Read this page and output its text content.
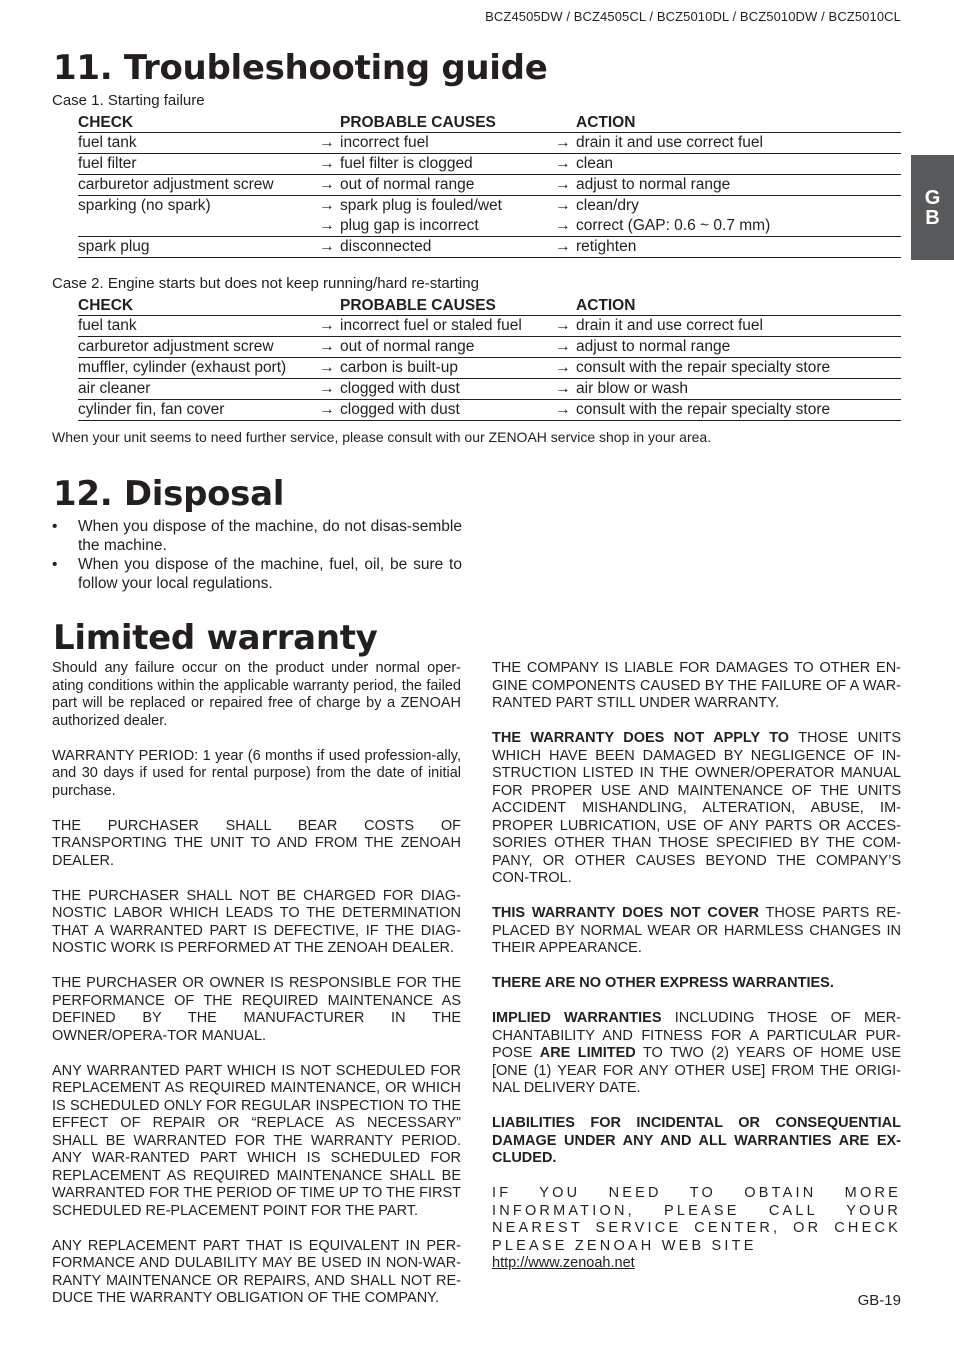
BCZ4505DW / BCZ4505CL / BCZ5010DL / BCZ5010DW / BCZ5010CL
G
B
11. Troubleshooting guide
Case 1. Starting failure
CHECK		PROBABLE CAUSES		ACTION
fuel tank	→	incorrect fuel	→	drain it and use correct fuel
fuel filter	→	fuel filter is clogged	→	clean
carburetor adjustment screw	→	out of normal range	→	adjust to normal range
sparking (no spark)	→	spark plug is fouled/wet	→	clean/dry
	→	plug gap is incorrect	→	correct (GAP: 0.6 ~ 0.7 mm)
spark plug	→	disconnected	→	retighten
Case 2. Engine starts but does not keep running/hard re-starting
CHECK		PROBABLE CAUSES		ACTION
fuel tank	→	incorrect fuel or staled fuel	→	drain it and use correct fuel
carburetor adjustment screw	→	out of normal range	→	adjust to normal range
muffler, cylinder (exhaust port)	→	carbon is built-up	→	consult with the repair specialty store
air cleaner	→	clogged with dust	→	air blow or wash
cylinder fin, fan cover	→	clogged with dust	→	consult with the repair specialty store
When your unit seems to need further service, please consult with our ZENOAH service shop in your area.
12. Disposal
• When you dispose of the machine, do not disas-semble the machine.
• When you dispose of the machine, fuel, oil, be sure to follow your local regulations.
Limited warranty

Should any failure occur on the product under normal oper-ating conditions within the applicable warranty period, the failed part will be replaced or repaired free of charge by a ZENOAH authorized dealer.

WARRANTY PERIOD: 1 year (6 months if used profession-ally, and 30 days if used for rental purpose) from the date of initial purchase.

THE PURCHASER SHALL BEAR COSTS OF TRANSPORTING THE UNIT TO AND FROM THE ZENOAH DEALER.

THE PURCHASER SHALL NOT BE CHARGED FOR DIAG-NOSTIC LABOR WHICH LEADS TO THE DETERMINATION THAT A WARRANTED PART IS DEFECTIVE, IF THE DIAG-NOSTIC WORK IS PERFORMED AT THE ZENOAH DEALER.

THE PURCHASER OR OWNER IS RESPONSIBLE FOR THE PERFORMANCE OF THE REQUIRED MAINTENANCE AS DEFINED BY THE MANUFACTURER IN THE OWNER/OPERA-TOR MANUAL.

ANY WARRANTED PART WHICH IS NOT SCHEDULED FOR REPLACEMENT AS REQUIRED MAINTENANCE, OR WHICH IS SCHEDULED ONLY FOR REGULAR INSPECTION TO THE EFFECT OF REPAIR OR “REPLACE AS NECESSARY” SHALL BE WARRANTED FOR THE WARRANTY PERIOD. ANY WAR-RANTED PART WHICH IS SCHEDULED FOR REPLACEMENT AS REQUIRED MAINTENANCE SHALL BE WARRANTED FOR THE PERIOD OF TIME UP TO THE FIRST SCHEDULED RE-PLACEMENT POINT FOR THE PART.

ANY REPLACEMENT PART THAT IS EQUIVALENT IN PER-FORMANCE AND DULABILITY MAY BE USED IN NON-WAR-RANTY MAINTENANCE OR REPAIRS, AND SHALL NOT RE-DUCE THE WARRANTY OBLIGATION OF THE COMPANY.

THE COMPANY IS LIABLE FOR DAMAGES TO OTHER EN-GINE COMPONENTS CAUSED BY THE FAILURE OF A WAR-RANTED PART STILL UNDER WARRANTY.

THE WARRANTY DOES NOT APPLY TO THOSE UNITS WHICH HAVE BEEN DAMAGED BY NEGLIGENCE OF IN-STRUCTION LISTED IN THE OWNER/OPERATOR MANUAL FOR PROPER USE AND MAINTENANCE OF THE UNITS ACCIDENT MISHANDLING, ALTERATION, ABUSE, IM-PROPER LUBRICATION, USE OF ANY PARTS OR ACCES-SORIES OTHER THAN THOSE SPECIFIED BY THE COM-PANY, OR OTHER CAUSES BEYOND THE COMPANY’S CON-TROL.

THIS WARRANTY DOES NOT COVER THOSE PARTS RE-PLACED BY NORMAL WEAR OR HARMLESS CHANGES IN THEIR APPEARANCE.

THERE ARE NO OTHER EXPRESS WARRANTIES.

IMPLIED WARRANTIES INCLUDING THOSE OF MER-CHANTABILITY AND FITNESS FOR A PARTICULAR PUR-POSE ARE LIMITED TO TWO (2) YEARS OF HOME USE [ONE (1) YEAR FOR ANY OTHER USE] FROM THE ORIGI-NAL DELIVERY DATE.

LIABILITIES FOR INCIDENTAL OR CONSEQUENTIAL DAMAGE UNDER ANY AND ALL WARRANTIES ARE EX-CLUDED.

IF YOU NEED TO OBTAIN MORE INFORMATION, PLEASE CALL YOUR NEAREST SERVICE CENTER, OR CHECK PLEASE ZENOAH WEB SITE
http://www.zenoah.net

GB-19
